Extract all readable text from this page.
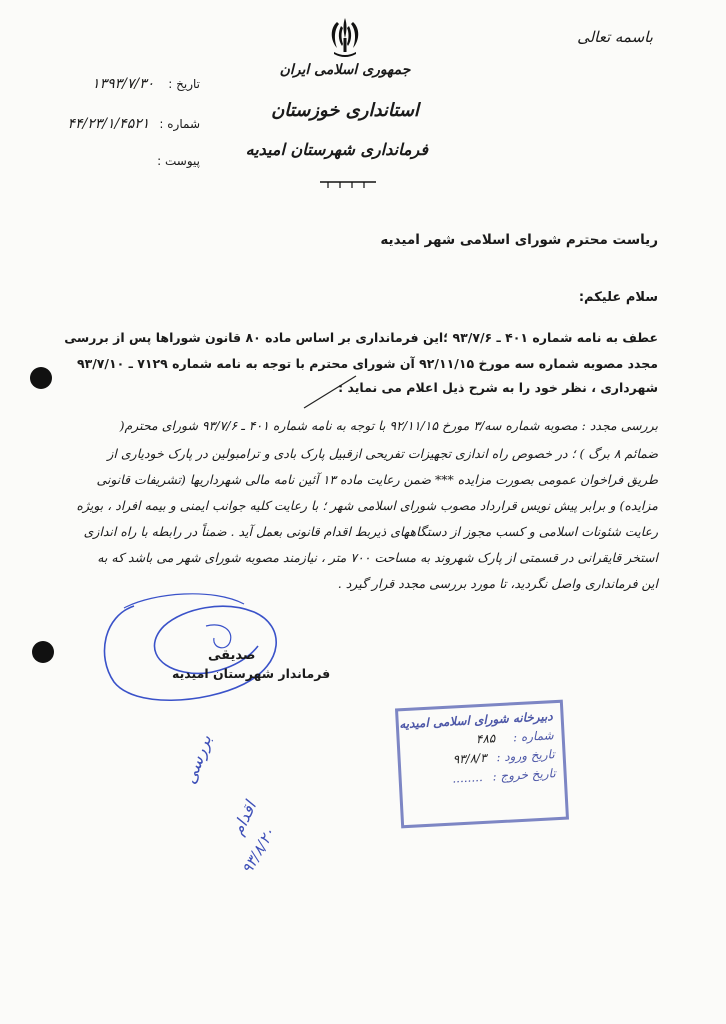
باسمه تعالی
جمهوری اسلامی ایران
استانداری خوزستان
فرمانداری شهرستان امیدیه
تاریخ : ۱۳۹۳/۷/۳۰
شماره : ۴۴/۲۳/۱/۴۵۲۱
پیوست :
ریاست محترم شورای اسلامی شهر امیدیه
سلام علیکم:
عطف به نامه شماره ۴۰۱ ـ ۹۳/۷/۶ ؛این فرمانداری بر اساس ماده ۸۰ قانون شوراها پس از بررسی
مجدد مصوبه شماره سه مورخ ۹۲/۱۱/۱۵ آن شورای محترم با توجه به نامه شماره ۷۱۲۹ ـ ۹۳/۷/۱۰
شهرداری ، نظر خود را به شرح ذیل اعلام می نماید :
بررسی مجدد : مصوبه شماره سه/۳ مورخ ۹۲/۱۱/۱۵ با توجه به نامه شماره ۴۰۱ ـ ۹۳/۷/۶ شورای محترم(
ضمائم ۸ برگ ) ؛ در خصوص راه اندازی تجهیزات تفریحی ازقبیل پارک بادی و ترامبولین در پارک خودیاری از
طریق فراخوان عمومی بصورت مزایده *** ضمن رعایت ماده ۱۳ آئین نامه مالی شهرداریها (تشریفات قانونی
مزایده) و برابر پیش نویس قرارداد مصوب شورای اسلامی شهر ؛ با رعایت کلیه جوانب ایمنی و بیمه افراد ، بویژه
رعایت شئونات اسلامی و کسب مجوز از دستگاههای ذیربط اقدام قانونی بعمل آید . ضمناً در رابطه با راه اندازی
استخر قایقرانی در قسمتی از پارک شهروند به مساحت ۷۰۰ متر ، نیازمند مصوبه شورای شهر می باشد که به
این فرمانداری واصل نگردید، تا مورد بررسی مجدد قرار گیرد .
صدیقی
فرماندار شهرستان امیدیه
دبیرخانه شورای اسلامی امیدیه
شماره : ۴۸۵
تاریخ ورود : ۹۳/۸/۳
تاریخ خروج : ........
بررسی
اقدام
۹۳/۸/۲۰
